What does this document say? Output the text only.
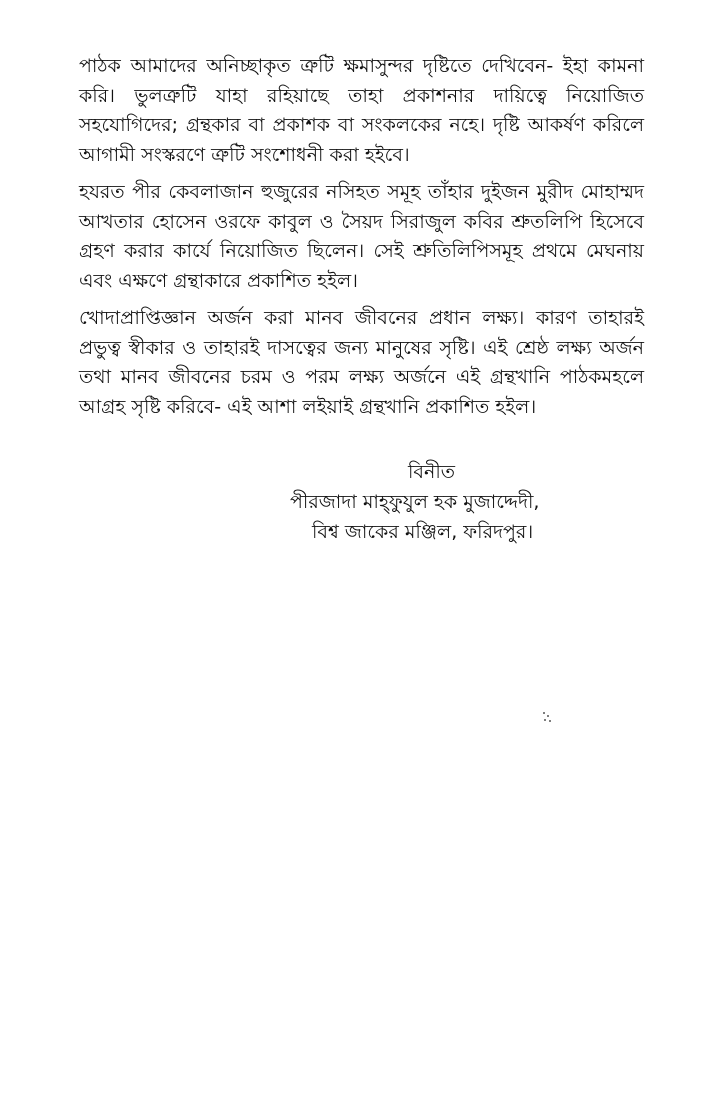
পাঠক আমাদের অনিচ্ছাকৃত ত্রুটি ক্ষমাসুন্দর দৃষ্টিতে দেখিবেন- ইহা কামনা করি। ভুলত্রুটি যাহা রহিয়াছে তাহা প্রকাশনার দায়িত্বে নিয়োজিত সহযোগিদের; গ্রন্থকার বা প্রকাশক বা সংকলকের নহে। দৃষ্টি আকর্ষণ করিলে আগামী সংস্করণে ত্রুটি সংশোধনী করা হইবে।

হযরত পীর কেবলাজান হুজুরের নসিহত সমূহ তাঁহার দুইজন মুরীদ মোহাম্মদ আখতার হোসেন ওরফে কাবুল ও সৈয়দ সিরাজুল কবির শ্রুতলিপি হিসেবে গ্রহণ করার কার্যে নিয়োজিত ছিলেন। সেই শ্রুতিলিপিসমূহ প্রথমে মেঘনায় এবং এক্ষণে গ্রন্থাকারে প্রকাশিত হইল।

খোদাপ্রাপ্তিজ্ঞান অর্জন করা মানব জীবনের প্রধান লক্ষ্য। কারণ তাহারই প্রভুত্ব স্বীকার ও তাহারই দাসত্বের জন্য মানুষের সৃষ্টি। এই শ্রেষ্ঠ লক্ষ্য অর্জন তথা মানব জীবনের চরম ও পরম লক্ষ্য অর্জনে এই গ্রন্থখানি পাঠকমহলে আগ্রহ সৃষ্টি করিবে- এই আশা লইয়াই গ্রন্থখানি প্রকাশিত হইল।

বিনীত
পীরজাদা মাহ্‌ফুযুল হক মুজাদ্দেদী,
বিশ্ব জাকের মঞ্জিল, ফরিদপুর।
